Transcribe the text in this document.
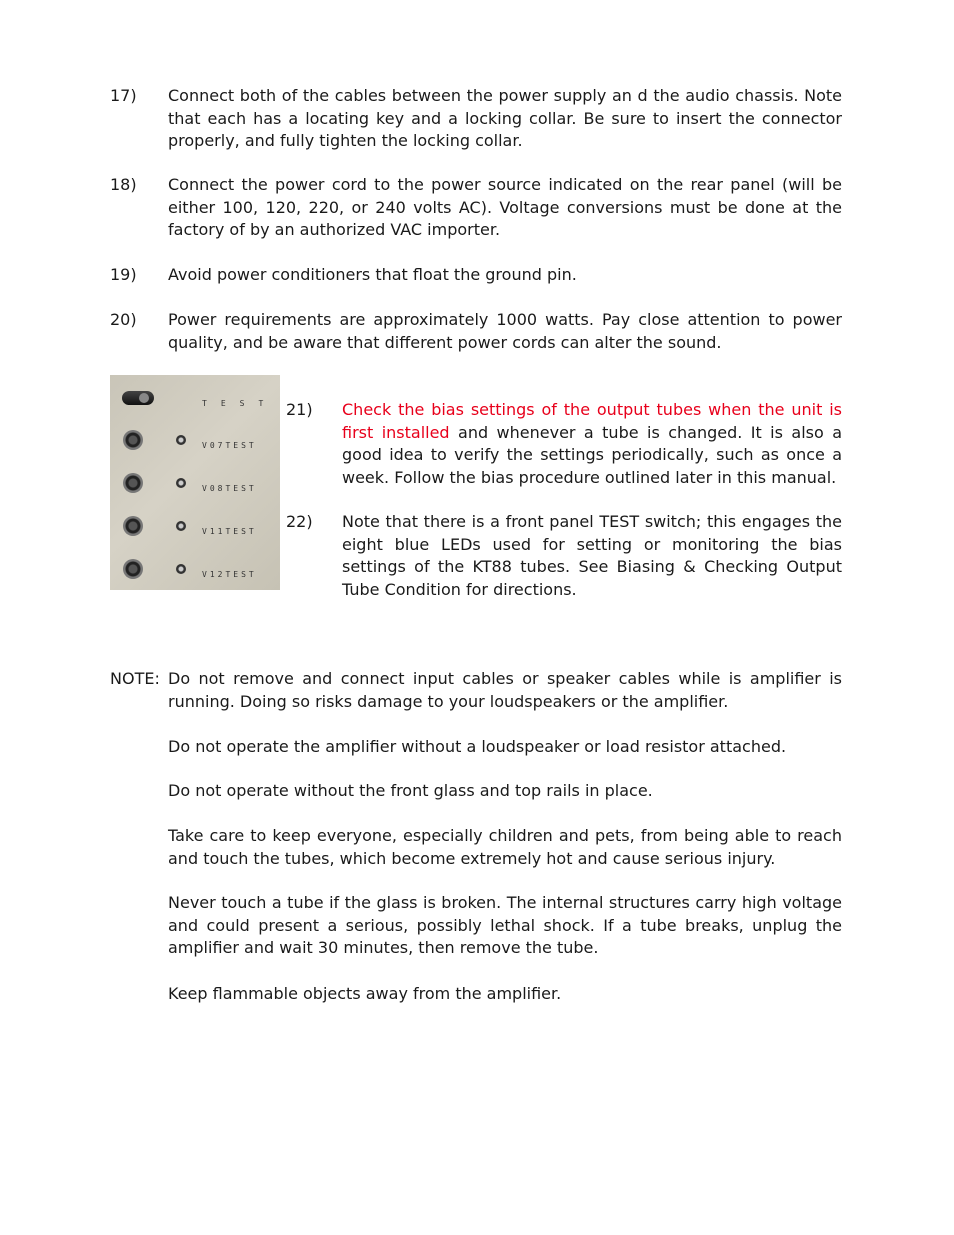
17)	Connect both of the cables between the power supply an d the audio chassis. Note that each has a locating key and a locking collar. Be sure to insert the connector properly, and fully tighten the locking collar.
18)	Connect the power cord to the power source indicated on the rear panel (will be either 100, 120, 220, or 240 volts AC). Voltage conversions must be done at the factory of by an authorized VAC importer.
19)	Avoid power conditioners that float the ground pin.
20)	Power requirements are approximately 1000 watts. Pay close attention to power quality, and be aware that different power cords can alter the sound.
TEST
V07TEST
V08TEST
V11TEST
V12TEST
21) Check the bias settings of the output tubes when the unit is first installed and whenever a tube is changed. It is also a good idea to verify the settings periodically, such as once a week. Follow the bias procedure outlined later in this manual.
22) Note that there is a front panel TEST switch; this engages the eight blue LEDs used for setting or monitoring the bias settings of the KT88 tubes. See Biasing & Checking Output Tube Condition for directions.
NOTE: Do not remove and connect input cables or speaker cables while is amplifier is running. Doing so risks damage to your loudspeakers or the amplifier.
Do not operate the amplifier without a loudspeaker or load resistor attached.
Do not operate without the front glass and top rails in place.
Take care to keep everyone, especially children and pets, from being able to reach and touch the tubes, which become extremely hot and cause serious injury.
Never touch a tube if the glass is broken. The internal structures carry high voltage and could present a serious, possibly lethal shock. If a tube breaks, unplug the amplifier and wait 30 minutes, then remove the tube.
Keep flammable objects away from the amplifier.
